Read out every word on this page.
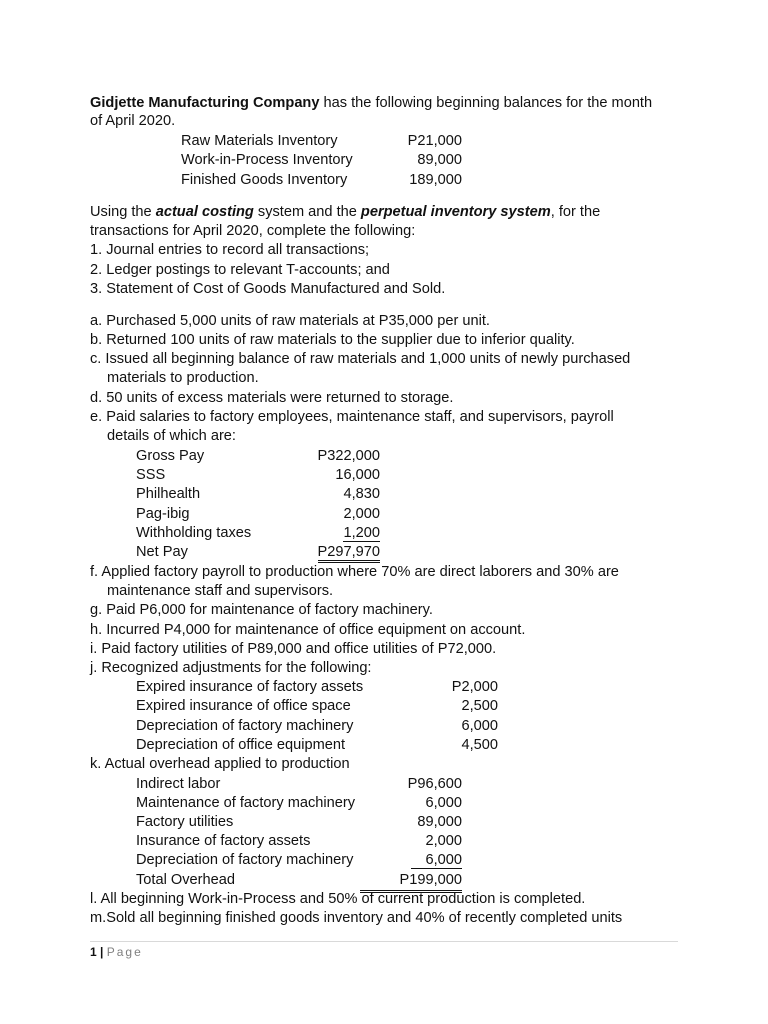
Gidjette Manufacturing Company has the following beginning balances for the month
of April 2020.
Raw Materials Inventory	P21,000
Work-in-Process Inventory	89,000
Finished Goods Inventory	189,000
Using the actual costing system and the perpetual inventory system, for the
transactions for April 2020, complete the following:
1. Journal entries to record all transactions;
2. Ledger postings to relevant T-accounts; and
3. Statement of Cost of Goods Manufactured and Sold.
a. Purchased 5,000 units of raw materials at P35,000 per unit.
b. Returned 100 units of raw materials to the supplier due to inferior quality.
c. Issued all beginning balance of raw materials and 1,000 units of newly purchased
materials to production.
d. 50 units of excess materials were returned to storage.
e. Paid salaries to factory employees, maintenance staff, and supervisors, payroll
details of which are:
Gross Pay	P322,000
SSS	16,000
Philhealth	4,830
Pag-ibig	2,000
Withholding taxes	1,200
Net Pay	P297,970
f. Applied factory payroll to production where 70% are direct laborers and 30% are
maintenance staff and supervisors.
g. Paid P6,000 for maintenance of factory machinery.
h. Incurred P4,000 for maintenance of office equipment on account.
i. Paid factory utilities of P89,000 and office utilities of P72,000.
j. Recognized adjustments for the following:
Expired insurance of factory assets	P2,000
Expired insurance of office space	2,500
Depreciation of factory machinery	6,000
Depreciation of office equipment	4,500
k. Actual overhead applied to production
Indirect labor	P96,600
Maintenance of factory machinery	6,000
Factory utilities	89,000
Insurance of factory assets	2,000
Depreciation of factory machinery	6,000
Total Overhead	P199,000
l. All beginning Work-in-Process and 50% of current production is completed.
m.Sold all beginning finished goods inventory and 40% of recently completed units
1 | Page
